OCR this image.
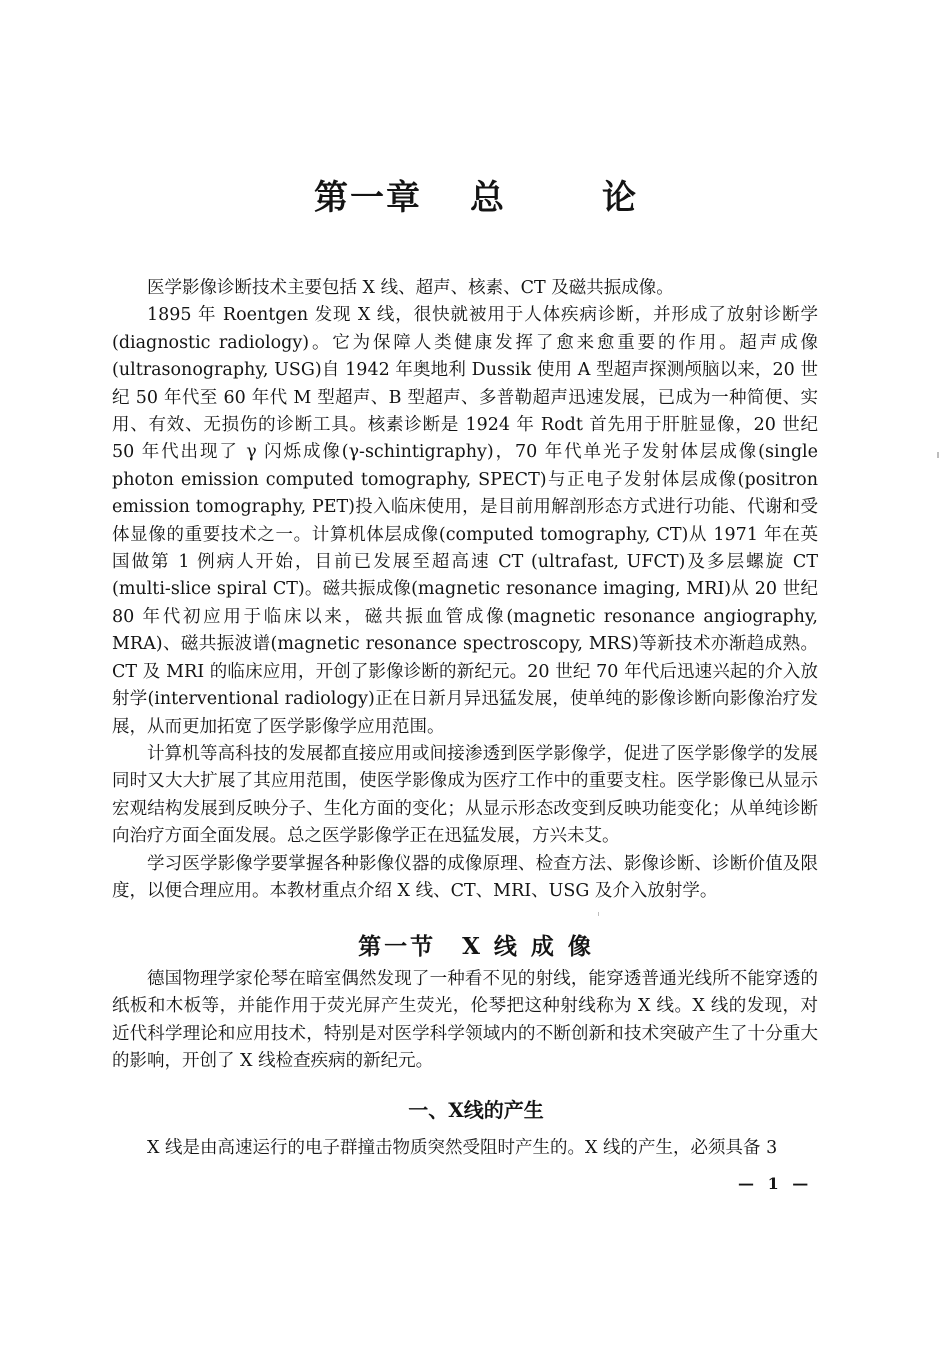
第一章 总	论

医学影像诊断技术主要包括 X 线、超声、核素、CT 及磁共振成像。

1895 年 Roentgen 发现 X 线，很快就被用于人体疾病诊断，并形成了放射诊断学(diagnostic radiology)。它为保障人类健康发挥了愈来愈重要的作用。超声成像(ultrasonography, USG)自 1942 年奥地利 Dussik 使用 A 型超声探测颅脑以来，20 世纪 50 年代至 60 年代 M 型超声、B 型超声、多普勒超声迅速发展，已成为一种简便、实用、有效、无损伤的诊断工具。核素诊断是 1924 年 Rodt 首先用于肝脏显像，20 世纪 50 年代出现了 γ 闪烁成像(γ-schintigraphy)，70 年代单光子发射体层成像(single photon emission computed tomography, SPECT)与正电子发射体层成像(positron emission tomography, PET)投入临床使用，是目前用解剖形态方式进行功能、代谢和受体显像的重要技术之一。计算机体层成像(computed tomography, CT)从 1971 年在英国做第 1 例病人开始，目前已发展至超高速 CT (ultrafast, UFCT)及多层螺旋 CT (multi-slice spiral CT)。磁共振成像(magnetic resonance imaging, MRI)从 20 世纪 80 年代初应用于临床以来，磁共振血管成像(magnetic resonance angiography, MRA)、磁共振波谱(magnetic resonance spectroscopy, MRS)等新技术亦渐趋成熟。CT 及 MRI 的临床应用，开创了影像诊断的新纪元。20 世纪 70 年代后迅速兴起的介入放射学(interventional radiology)正在日新月异迅猛发展，使单纯的影像诊断向影像治疗发展，从而更加拓宽了医学影像学应用范围。

计算机等高科技的发展都直接应用或间接渗透到医学影像学，促进了医学影像学的发展同时又大大扩展了其应用范围，使医学影像成为医疗工作中的重要支柱。医学影像已从显示宏观结构发展到反映分子、生化方面的变化；从显示形态改变到反映功能变化；从单纯诊断向治疗方面全面发展。总之医学影像学正在迅猛发展，方兴未艾。

学习医学影像学要掌握各种影像仪器的成像原理、检查方法、影像诊断、诊断价值及限度，以便合理应用。本教材重点介绍 X 线、CT、MRI、USG 及介入放射学。

第一节　X 线 成 像

德国物理学家伦琴在暗室偶然发现了一种看不见的射线，能穿透普通光线所不能穿透的纸板和木板等，并能作用于荧光屏产生荧光，伦琴把这种射线称为 X 线。X 线的发现，对近代科学理论和应用技术，特别是对医学科学领域内的不断创新和技术突破产生了十分重大的影响，开创了 X 线检查疾病的新纪元。

一、X线的产生

X 线是由高速运行的电子群撞击物质突然受阻时产生的。X 线的产生，必须具备 3

— 1 —
